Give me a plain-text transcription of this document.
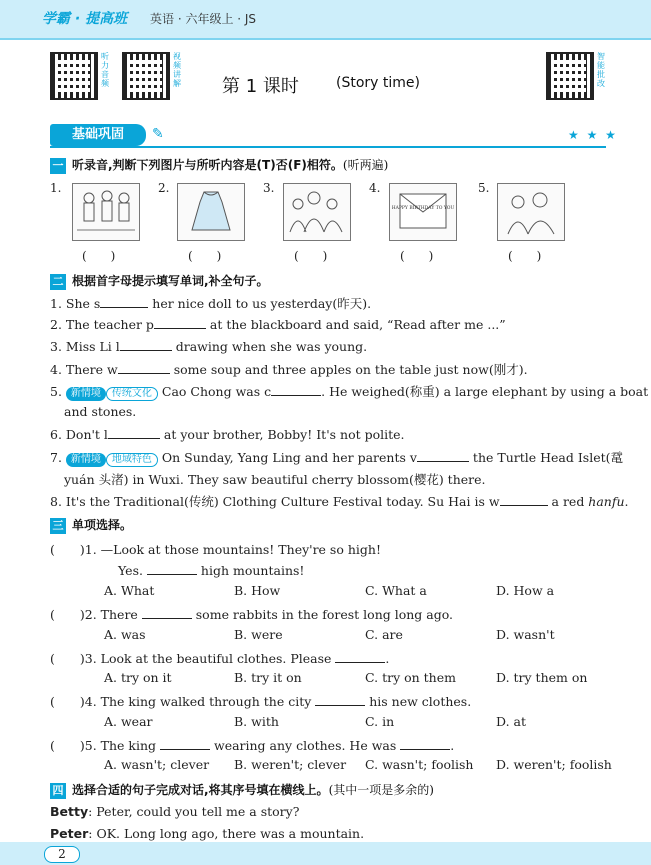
学霸 · 提高班 英语 · 六年级上 · JS
听力音频
视频讲解
智能批改
第 1 课时	(Story time)
基础巩固	✎	★ ★ ★
一 听录音,判断下列图片与所听内容是(T)否(F)相符。(听两遍)
1.
(　　)
2.
(　　)
3.
(　　)
4.
HAPPY BIRTHDAY TO YOU
(　　)
5.
(　　)
二 根据首字母提示填写单词,补全句子。
1. She s	her nice doll to us yesterday(昨天).
2. The teacher p	at the blackboard and said, “Read after me ...”
3. Miss Li l	drawing when she was young.
4. There w	some soup and three apples on the table just now(刚才).
5. 新情境 传统文化 Cao Chong was c	. He weighed(称重) a large elephant by using a boat
and stones.
6. Don't l	at your brother, Bobby! It's not polite.
7. 新情境 地域特色 On Sunday, Yang Ling and her parents v	the Turtle Head Islet(鼋
yuán 头渚) in Wuxi. They saw beautiful cherry blossom(樱花) there.
8. It's the Traditional(传统) Clothing Culture Festival today. Su Hai is w	a red hanfu.
三 单项选择。
(　　)1. —Look at those mountains! They're so high!
Yes.	high mountains!
A. What	B. How	C. What a	D. How a
(　　)2. There	some rabbits in the forest long long ago.
A. was	B. were	C. are	D. wasn't
(　　)3. Look at the beautiful clothes. Please	.
A. try on it	B. try it on	C. try on them	D. try them on
(　　)4. The king walked through the city	his new clothes.
A. wear	B. with	C. in	D. at
(　　)5. The king	wearing any clothes. He was	.
A. wasn't; clever B. weren't; clever C. wasn't; foolish D. weren't; foolish
四 选择合适的句子完成对话,将其序号填在横线上。(其中一项是多余的)
Betty: Peter, could you tell me a story?
Peter: OK. Long long ago, there was a mountain.
2
